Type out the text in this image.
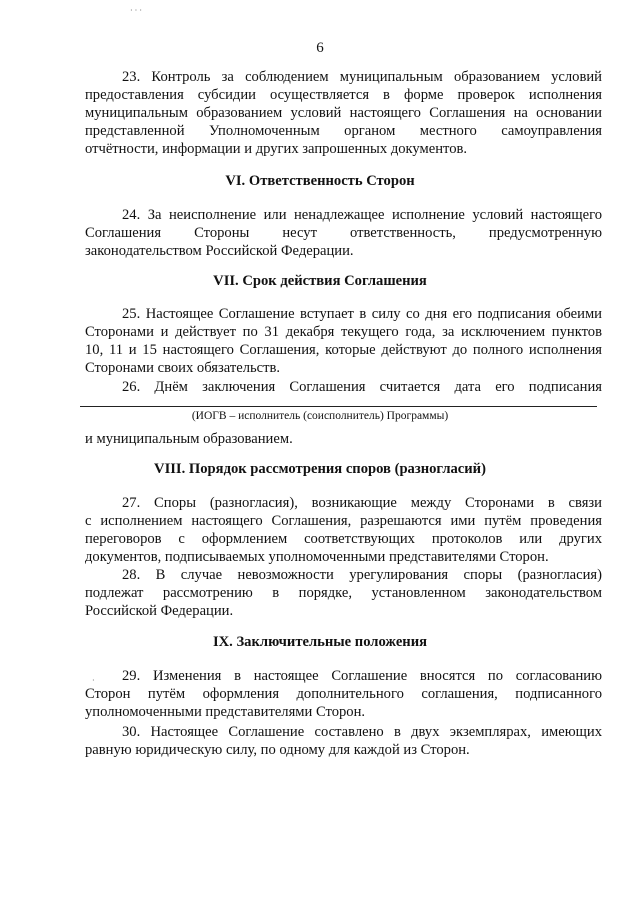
· · ·
6
23. Контроль за соблюдением муниципальным образованием условий
предоставления субсидии осуществляется в форме проверок исполнения
муниципальным образованием условий настоящего Соглашения на основании
представленной Уполномоченным органом местного самоуправления
отчётности, информации и других запрошенных документов.
VI. Ответственность Сторон
24. За неисполнение или ненадлежащее исполнение условий настоящего
Соглашения Стороны несут ответственность, предусмотренную
законодательством Российской Федерации.
VII. Срок действия Соглашения
25. Настоящее Соглашение вступает в силу со дня его подписания обеими
Сторонами и действует по 31 декабря текущего года, за исключением пунктов
10, 11 и 15 настоящего Соглашения, которые действуют до полного исполнения
Сторонами своих обязательств.
26. Днём заключения Соглашения считается дата его подписания
(ИОГВ – исполнитель (соисполнитель) Программы)
и муниципальным образованием.
VIII. Порядок рассмотрения споров (разногласий)
27. Споры (разногласия), возникающие между Сторонами в связи
с исполнением настоящего Соглашения, разрешаются ими путём проведения
переговоров с оформлением соответствующих протоколов или других
документов, подписываемых уполномоченными представителями Сторон.
28. В случае невозможности урегулирования споры (разногласия)
подлежат рассмотрению в порядке, установленном законодательством
Российской Федерации.
IX. Заключительные положения
·	29. Изменения в настоящее Соглашение вносятся по согласованию
Сторон путём оформления дополнительного соглашения, подписанного
уполномоченными представителями Сторон.
30. Настоящее Соглашение составлено в двух экземплярах, имеющих
равную юридическую силу, по одному для каждой из Сторон.
